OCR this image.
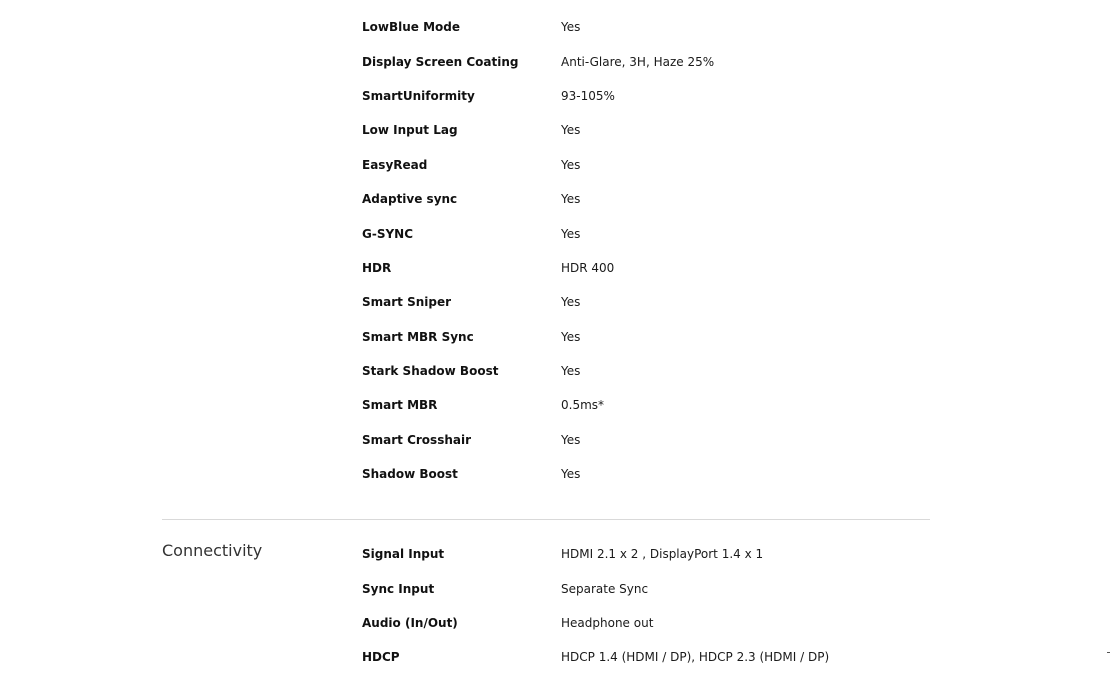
LowBlue Mode	Yes
Display Screen Coating	Anti-Glare, 3H, Haze 25%
SmartUniformity	93-105%
Low Input Lag	Yes
EasyRead	Yes
Adaptive sync	Yes
G-SYNC	Yes
HDR	HDR 400
Smart Sniper	Yes
Smart MBR Sync	Yes
Stark Shadow Boost	Yes
Smart MBR	0.5ms*
Smart Crosshair	Yes
Shadow Boost	Yes
Connectivity	Signal Input	HDMI 2.1 x 2 , DisplayPort 1.4 x 1
Sync Input	Separate Sync
Audio (In/Out)	Headphone out
HDCP	HDCP 1.4 (HDMI / DP), HDCP 2.3 (HDMI / DP)
